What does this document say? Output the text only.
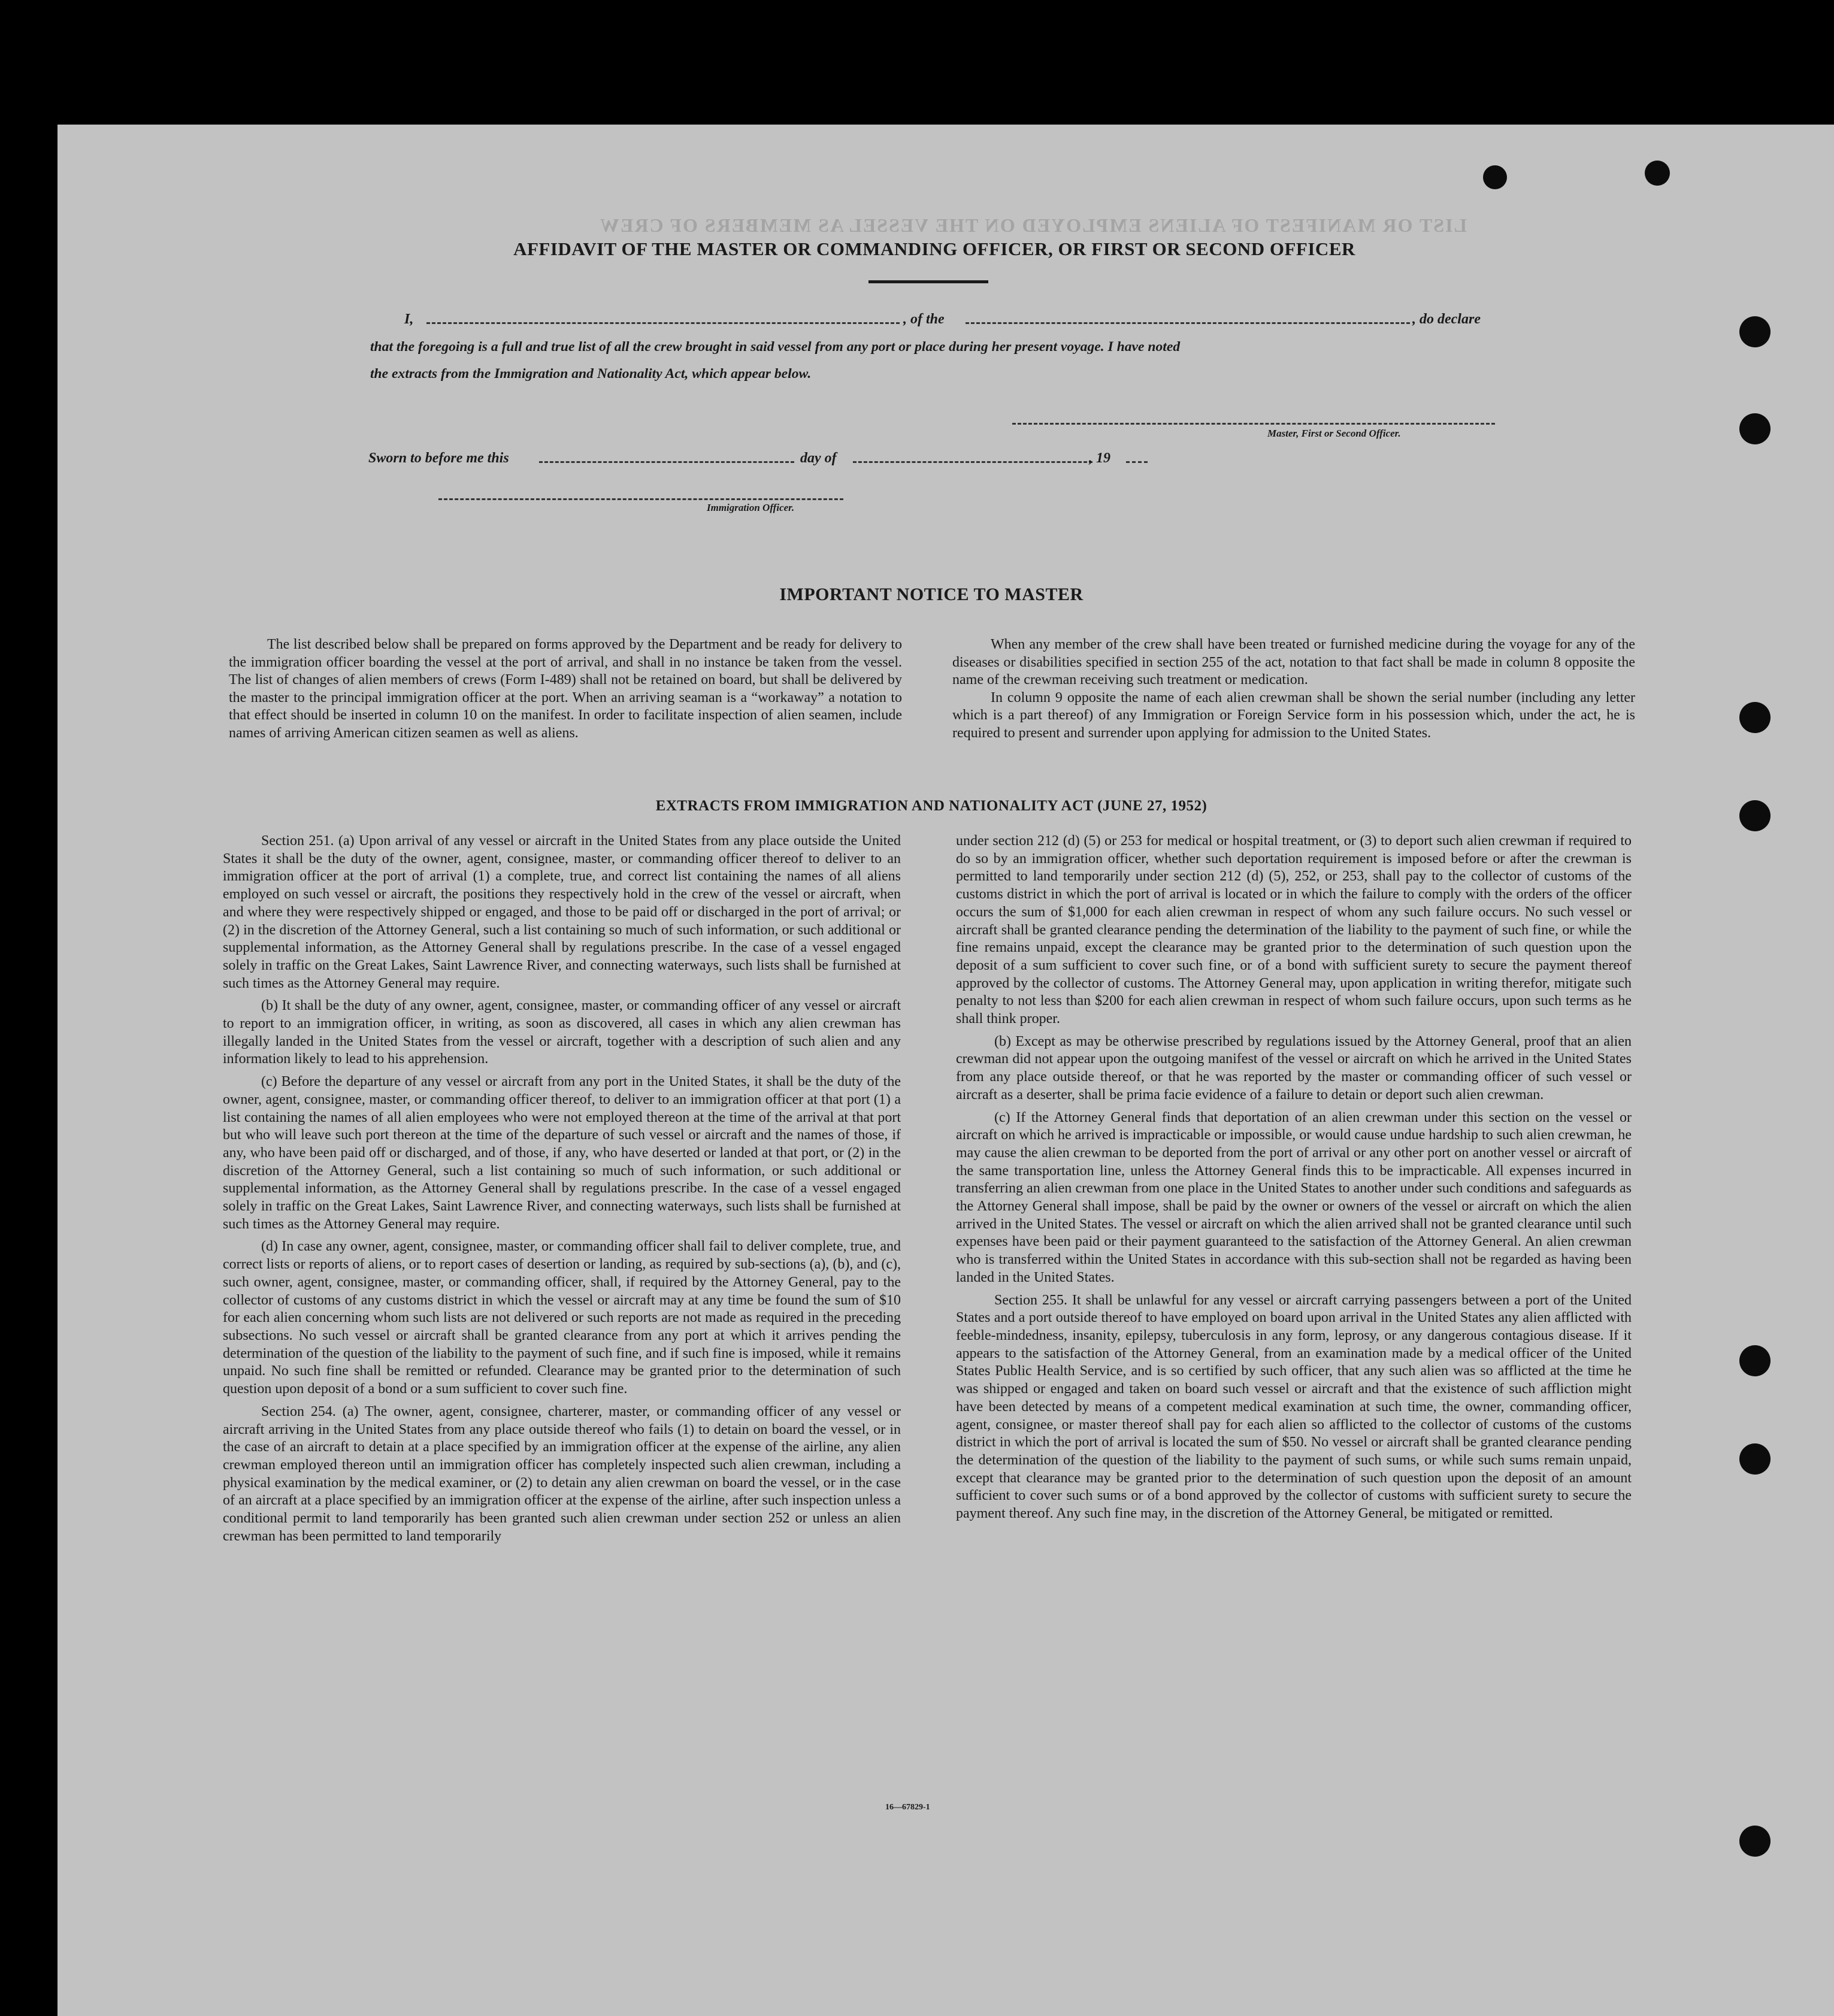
LIST OR MANIFEST OF ALIENS EMPLOYED ON THE VESSEL AS MEMBERS OF CREW
AFFIDAVIT OF THE MASTER OR COMMANDING OFFICER, OR FIRST OR SECOND OFFICER
I,	, of the	, do declare
that the foregoing is a full and true list of all the crew brought in said vessel from any port or place during her present voyage. I have noted
the extracts from the Immigration and Nationality Act, which appear below.
Master, First or Second Officer.
Sworn to before me this	day of	, 19
Immigration Officer.
IMPORTANT NOTICE TO MASTER

The list described below shall be prepared on forms approved by the Department and be ready for delivery to the immigration officer boarding the vessel at the port of arrival, and shall in no instance be taken from the vessel. The list of changes of alien members of crews (Form I-489) shall not be retained on board, but shall be delivered by the master to the principal immigration officer at the port. When an arriving seaman is a “workaway” a notation to that effect should be inserted in column 10 on the manifest. In order to facilitate inspection of alien seamen, include names of arriving American citizen seamen as well as aliens.

When any member of the crew shall have been treated or furnished medicine during the voyage for any of the diseases or disabilities specified in section 255 of the act, notation to that fact shall be made in column 8 opposite the name of the crewman receiving such treatment or medication.

In column 9 opposite the name of each alien crewman shall be shown the serial number (including any letter which is a part thereof) of any Immigration or Foreign Service form in his possession which, under the act, he is required to present and surrender upon applying for admission to the United States.

EXTRACTS FROM IMMIGRATION AND NATIONALITY ACT (JUNE 27, 1952)

Section 251. (a) Upon arrival of any vessel or aircraft in the United States from any place outside the United States it shall be the duty of the owner, agent, consignee, master, or commanding officer thereof to deliver to an immigration officer at the port of arrival (1) a complete, true, and correct list containing the names of all aliens employed on such vessel or aircraft, the positions they respectively hold in the crew of the vessel or aircraft, when and where they were respectively shipped or engaged, and those to be paid off or discharged in the port of arrival; or (2) in the discretion of the Attorney General, such a list containing so much of such information, or such additional or supplemental information, as the Attorney General shall by regulations prescribe. In the case of a vessel engaged solely in traffic on the Great Lakes, Saint Lawrence River, and connecting waterways, such lists shall be furnished at such times as the Attorney General may require.

(b) It shall be the duty of any owner, agent, consignee, master, or commanding officer of any vessel or aircraft to report to an immigration officer, in writing, as soon as discovered, all cases in which any alien crewman has illegally landed in the United States from the vessel or aircraft, together with a description of such alien and any information likely to lead to his apprehension.

(c) Before the departure of any vessel or aircraft from any port in the United States, it shall be the duty of the owner, agent, consignee, master, or commanding officer thereof, to deliver to an immigration officer at that port (1) a list containing the names of all alien employees who were not employed thereon at the time of the arrival at that port but who will leave such port thereon at the time of the departure of such vessel or aircraft and the names of those, if any, who have been paid off or discharged, and of those, if any, who have deserted or landed at that port, or (2) in the discretion of the Attorney General, such a list containing so much of such information, or such additional or supplemental information, as the Attorney General shall by regulations prescribe. In the case of a vessel engaged solely in traffic on the Great Lakes, Saint Lawrence River, and connecting waterways, such lists shall be furnished at such times as the Attorney General may require.

(d) In case any owner, agent, consignee, master, or commanding officer shall fail to deliver complete, true, and correct lists or reports of aliens, or to report cases of desertion or landing, as required by sub-sections (a), (b), and (c), such owner, agent, consignee, master, or commanding officer, shall, if required by the Attorney General, pay to the collector of customs of any customs district in which the vessel or aircraft may at any time be found the sum of $10 for each alien concerning whom such lists are not delivered or such reports are not made as required in the preceding subsections. No such vessel or aircraft shall be granted clearance from any port at which it arrives pending the determination of the question of the liability to the payment of such fine, and if such fine is imposed, while it remains unpaid. No such fine shall be remitted or refunded. Clearance may be granted prior to the determination of such question upon deposit of a bond or a sum sufficient to cover such fine.

Section 254. (a) The owner, agent, consignee, charterer, master, or commanding officer of any vessel or aircraft arriving in the United States from any place outside thereof who fails (1) to detain on board the vessel, or in the case of an aircraft to detain at a place specified by an immigration officer at the expense of the airline, any alien crewman employed thereon until an immigration officer has completely inspected such alien crewman, including a physical examination by the medical examiner, or (2) to detain any alien crewman on board the vessel, or in the case of an aircraft at a place specified by an immigration officer at the expense of the airline, after such inspection unless a conditional permit to land temporarily has been granted such alien crewman under section 252 or unless an alien crewman has been permitted to land temporarily

under section 212 (d) (5) or 253 for medical or hospital treatment, or (3) to deport such alien crewman if required to do so by an immigration officer, whether such deportation requirement is imposed before or after the crewman is permitted to land temporarily under section 212 (d) (5), 252, or 253, shall pay to the collector of customs of the customs district in which the port of arrival is located or in which the failure to comply with the orders of the officer occurs the sum of $1,000 for each alien crewman in respect of whom any such failure occurs. No such vessel or aircraft shall be granted clearance pending the determination of the liability to the payment of such fine, or while the fine remains unpaid, except the clearance may be granted prior to the determination of such question upon the deposit of a sum sufficient to cover such fine, or of a bond with sufficient surety to secure the payment thereof approved by the collector of customs. The Attorney General may, upon application in writing therefor, mitigate such penalty to not less than $200 for each alien crewman in respect of whom such failure occurs, upon such terms as he shall think proper.

(b) Except as may be otherwise prescribed by regulations issued by the Attorney General, proof that an alien crewman did not appear upon the outgoing manifest of the vessel or aircraft on which he arrived in the United States from any place outside thereof, or that he was reported by the master or commanding officer of such vessel or aircraft as a deserter, shall be prima facie evidence of a failure to detain or deport such alien crewman.

(c) If the Attorney General finds that deportation of an alien crewman under this section on the vessel or aircraft on which he arrived is impracticable or impossible, or would cause undue hardship to such alien crewman, he may cause the alien crewman to be deported from the port of arrival or any other port on another vessel or aircraft of the same transportation line, unless the Attorney General finds this to be impracticable. All expenses incurred in transferring an alien crewman from one place in the United States to another under such conditions and safeguards as the Attorney General shall impose, shall be paid by the owner or owners of the vessel or aircraft on which the alien arrived in the United States. The vessel or aircraft on which the alien arrived shall not be granted clearance until such expenses have been paid or their payment guaranteed to the satisfaction of the Attorney General. An alien crewman who is transferred within the United States in accordance with this sub-section shall not be regarded as having been landed in the United States.

Section 255. It shall be unlawful for any vessel or aircraft carrying passengers between a port of the United States and a port outside thereof to have employed on board upon arrival in the United States any alien afflicted with feeble-mindedness, insanity, epilepsy, tuberculosis in any form, leprosy, or any dangerous contagious disease. If it appears to the satisfaction of the Attorney General, from an examination made by a medical officer of the United States Public Health Service, and is so certified by such officer, that any such alien was so afflicted at the time he was shipped or engaged and taken on board such vessel or aircraft and that the existence of such affliction might have been detected by means of a competent medical examination at such time, the owner, commanding officer, agent, consignee, or master thereof shall pay for each alien so afflicted to the collector of customs of the customs district in which the port of arrival is located the sum of $50. No vessel or aircraft shall be granted clearance pending the determination of the question of the liability to the payment of such sums, or while such sums remain unpaid, except that clearance may be granted prior to the determination of such question upon the deposit of an amount sufficient to cover such sums or of a bond approved by the collector of customs with sufficient surety to secure the payment thereof. Any such fine may, in the discretion of the Attorney General, be mitigated or remitted.

16—67829-1
